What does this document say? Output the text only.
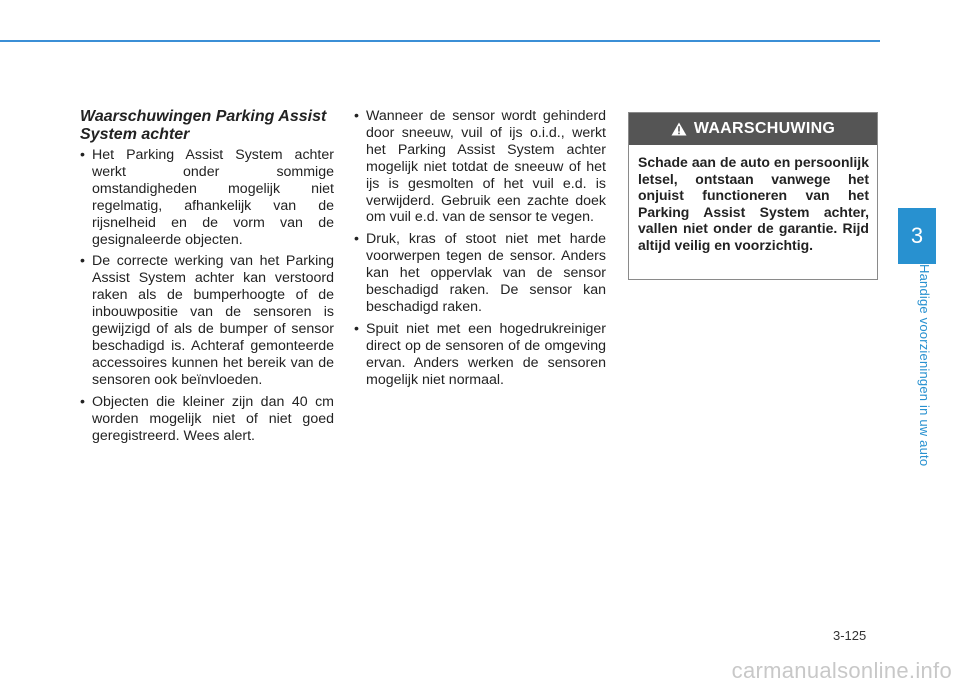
Waarschuwingen Parking Assist System achter
• Het Parking Assist System achter werkt onder sommige omstandigheden mogelijk niet regelmatig, afhankelijk van de rijsnelheid en de vorm van de gesignaleerde objecten.
• De correcte werking van het Parking Assist System achter kan verstoord raken als de bumperhoogte of de inbouwpositie van de sensoren is gewijzigd of als de bumper of sensor beschadigd is. Achteraf gemonteerde accessoires kunnen het bereik van de sensoren ook beïnvloeden.
• Objecten die kleiner zijn dan 40 cm worden mogelijk niet of niet goed geregistreerd. Wees alert.
• Wanneer de sensor wordt gehinderd door sneeuw, vuil of ijs o.i.d., werkt het Parking Assist System achter mogelijk niet totdat de sneeuw of het ijs is gesmolten of het vuil e.d. is verwijderd. Gebruik een zachte doek om vuil e.d. van de sensor te vegen.
• Druk, kras of stoot niet met harde voorwerpen tegen de sensor. Anders kan het oppervlak van de sensor beschadigd raken. De sensor kan beschadigd raken.
• Spuit niet met een hogedrukreiniger direct op de sensoren of de omgeving ervan. Anders werken de sensoren mogelijk niet normaal.
WAARSCHUWING
Schade aan de auto en persoonlijk letsel, ontstaan vanwege het onjuist functioneren van het Parking Assist System achter, vallen niet onder de garantie. Rijd altijd veilig en voorzichtig.	3
Handige voorzieningen in uw auto
3-125
carmanualsonline.info
